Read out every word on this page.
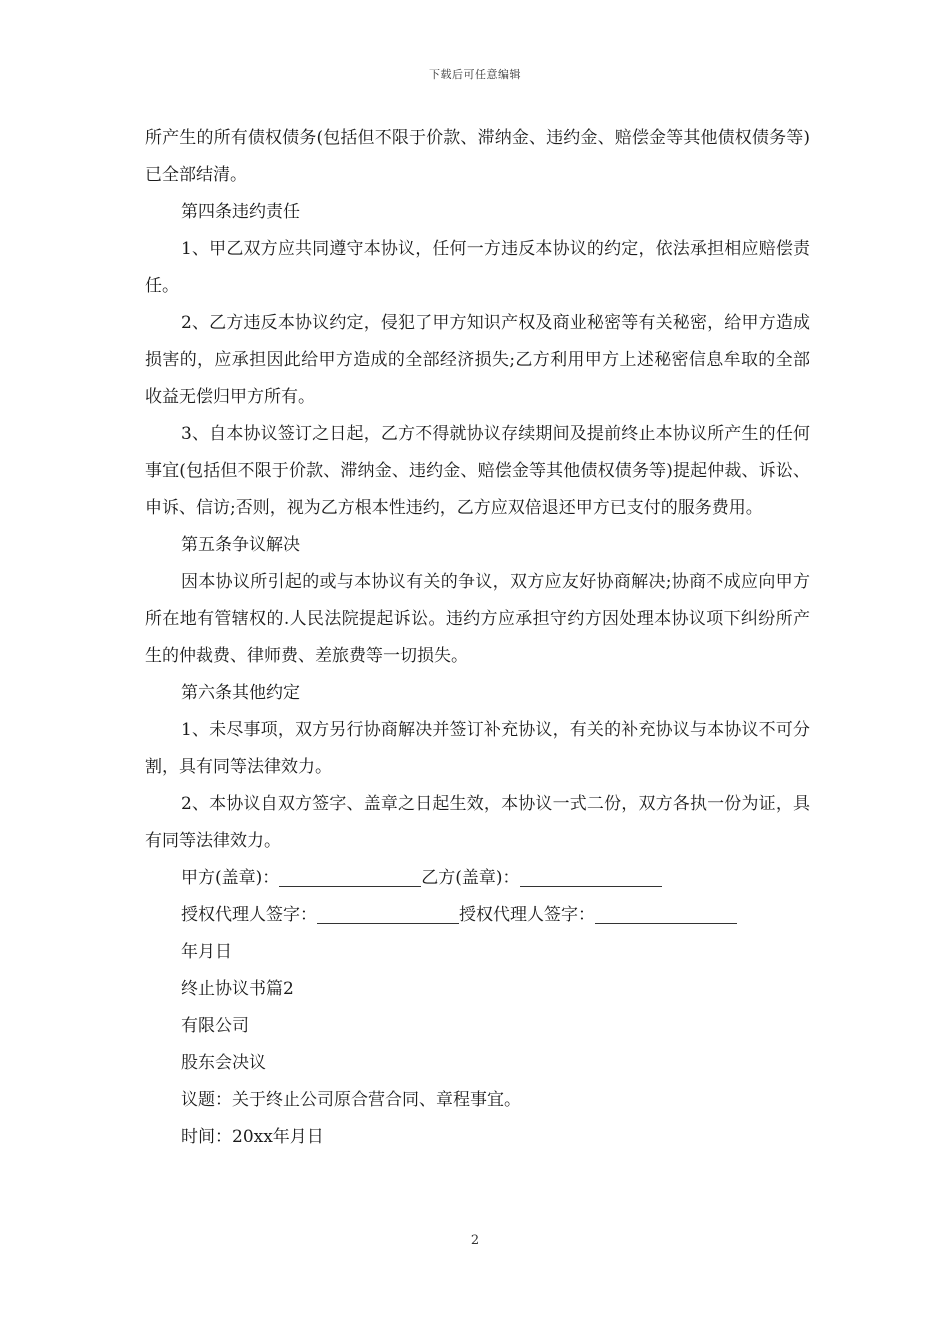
下载后可任意编辑

所产生的所有债权债务(包括但不限于价款、滞纳金、违约金、赔偿金等其他债权债务等)已全部结清。

第四条违约责任

1、甲乙双方应共同遵守本协议，任何一方违反本协议的约定，依法承担相应赔偿责任。

2、乙方违反本协议约定，侵犯了甲方知识产权及商业秘密等有关秘密，给甲方造成损害的，应承担因此给甲方造成的全部经济损失;乙方利用甲方上述秘密信息牟取的全部收益无偿归甲方所有。

3、自本协议签订之日起，乙方不得就协议存续期间及提前终止本协议所产生的任何事宜(包括但不限于价款、滞纳金、违约金、赔偿金等其他债权债务等)提起仲裁、诉讼、申诉、信访;否则，视为乙方根本性违约，乙方应双倍退还甲方已支付的服务费用。

第五条争议解决

因本协议所引起的或与本协议有关的争议，双方应友好协商解决;协商不成应向甲方所在地有管辖权的.人民法院提起诉讼。违约方应承担守约方因处理本协议项下纠纷所产生的仲裁费、律师费、差旅费等一切损失。

第六条其他约定

1、未尽事项，双方另行协商解决并签订补充协议，有关的补充协议与本协议不可分割，具有同等法律效力。

2、本协议自双方签字、盖章之日起生效，本协议一式二份，双方各执一份为证，具有同等法律效力。

甲方(盖章)：	乙方(盖章)：

授权代理人签字：	授权代理人签字：

年月日

终止协议书篇2

有限公司

股东会决议

议题：关于终止公司原合营合同、章程事宜。

时间：20xx年月日

2
